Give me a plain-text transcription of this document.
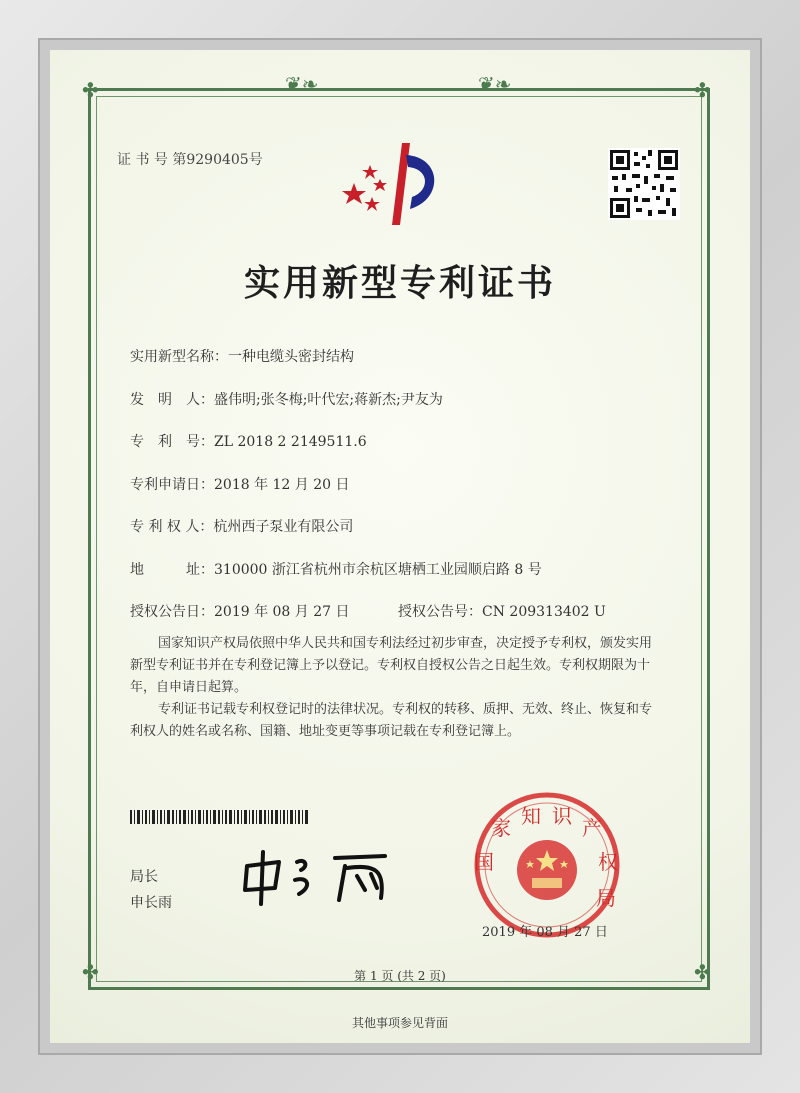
❦❧	❦❧
✤	✤
✤	✤
证 书 号 第9290405号
实用新型专利证书
实用新型名称：一种电缆头密封结构
发　明　人：盛伟明;张冬梅;叶代宏;蒋新杰;尹友为
专　利　号：ZL 2018 2 2149511.6
专利申请日：2018 年 12 月 20 日
专 利 权 人：杭州西子泵业有限公司
地　　　址：310000 浙江省杭州市余杭区塘栖工业园顺启路 8 号
授权公告日：2019 年 08 月 27 日	授权公告号：CN 209313402 U
国家知识产权局依照中华人民共和国专利法经过初步审查，决定授予专利权，颁发实用新型专利证书并在专利登记簿上予以登记。专利权自授权公告之日起生效。专利权期限为十年，自申请日起算。
专利证书记载专利权登记时的法律状况。专利权的转移、质押、无效、终止、恢复和专利权人的姓名或名称、国籍、地址变更等事项记载在专利登记簿上。
局长
申长雨
国
家 知 识 产
权
局
2019 年 08 月 27 日
第 1 页 (共 2 页)
其他事项参见背面
